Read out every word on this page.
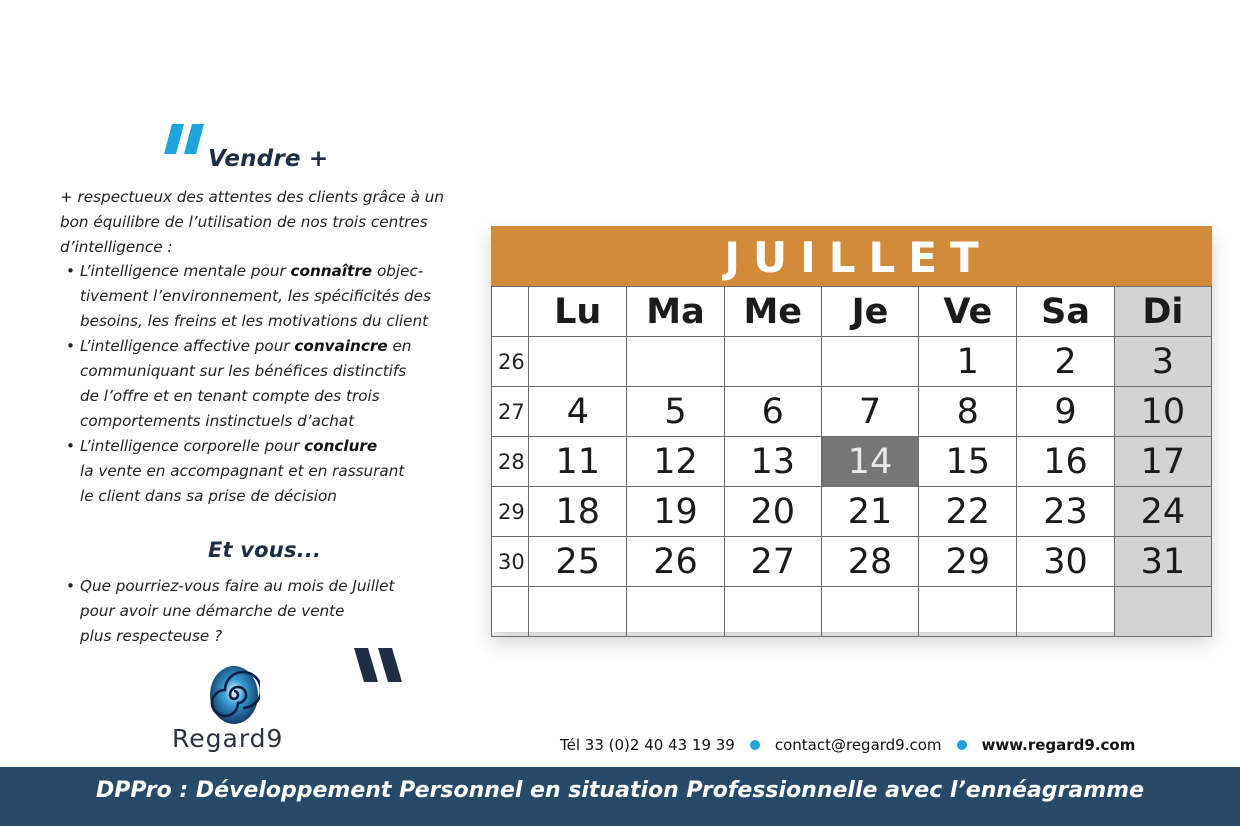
Vendre +
+ respectueux des attentes des clients grâce à un
bon équilibre de l’utilisation de nos trois centres
d’intelligence :
• L’intelligence mentale pour connaître objec-
tivement l’environnement, les spécificités des
besoins, les freins et les motivations du client
• L’intelligence affective pour convaincre en
communiquant sur les bénéfices distinctifs
de l’offre et en tenant compte des trois
comportements instinctuels d’achat
• L’intelligence corporelle pour conclure
la vente en accompagnant et en rassurant
le client dans sa prise de décision
Et vous...
• Que pourriez-vous faire au mois de Juillet
pour avoir une démarche de vente
plus respecteuse ?
Regard9
JUILLET
	Lu	Ma	Me	Je	Ve	Sa	Di
26					1	2	3
27	4	5	6	7	8	9	10
28	11	12	13	14	15	16	17
29	18	19	20	21	22	23	24
30	25	26	27	28	29	30	31

Tél 33 (0)2 40 43 19 39	contact@regard9.com	www.regard9.com
DPPro : Développement Personnel en situation Professionnelle avec l’ennéagramme
